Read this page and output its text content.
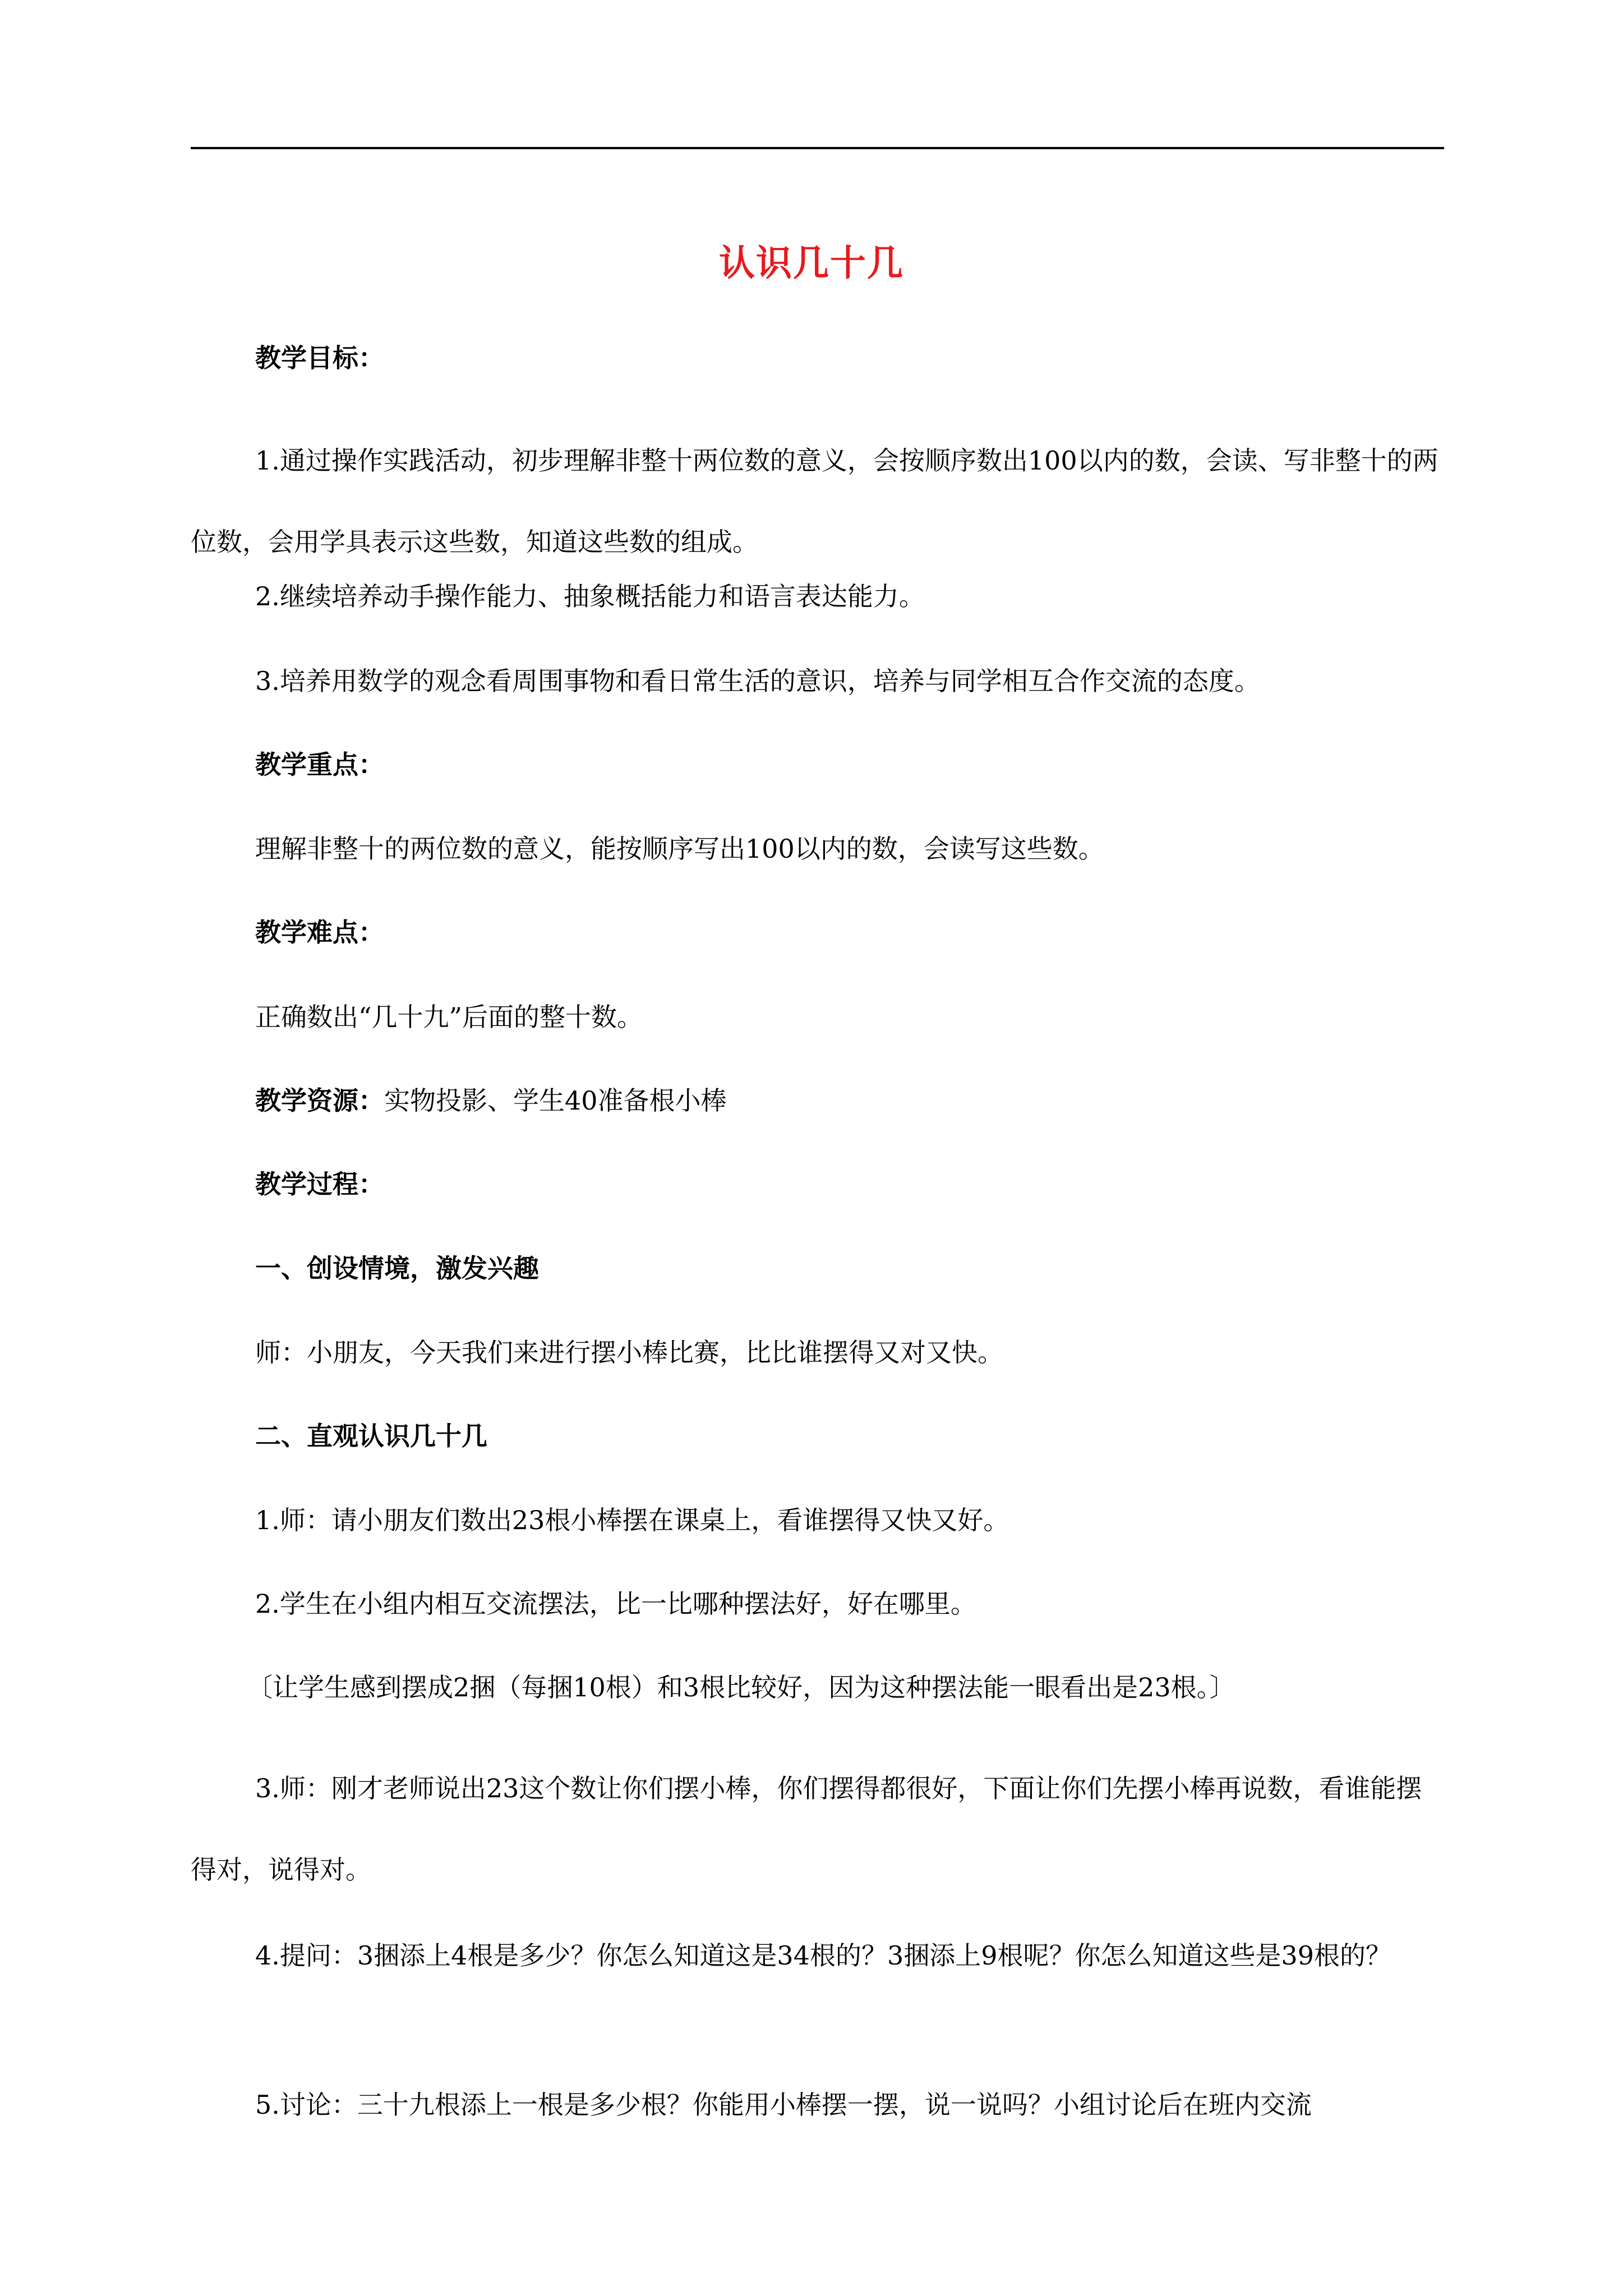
认识几十几
教学目标：
1.通过操作实践活动，初步理解非整十两位数的意义，会按顺序数出100以内的数，会读、写非整十的两位数，会用学具表示这些数，知道这些数的组成。
2.继续培养动手操作能力、抽象概括能力和语言表达能力。
3.培养用数学的观念看周围事物和看日常生活的意识，培养与同学相互合作交流的态度。
教学重点：
理解非整十的两位数的意义，能按顺序写出100以内的数，会读写这些数。
教学难点：
正确数出“几十九”后面的整十数。
教学资源：实物投影、学生40准备根小棒
教学过程：
一、创设情境，激发兴趣
师：小朋友，今天我们来进行摆小棒比赛，比比谁摆得又对又快。
二、直观认识几十几
1.师：请小朋友们数出23根小棒摆在课桌上，看谁摆得又快又好。
2.学生在小组内相互交流摆法，比一比哪种摆法好，好在哪里。
〔让学生感到摆成2捆（每捆10根）和3根比较好，因为这种摆法能一眼看出是23根。〕
3.师：刚才老师说出23这个数让你们摆小棒，你们摆得都很好，下面让你们先摆小棒再说数，看谁能摆得对，说得对。
4.提问：3捆添上4根是多少？你怎么知道这是34根的？3捆添上9根呢？你怎么知道这些是39根的？
5.讨论：三十九根添上一根是多少根？你能用小棒摆一摆，说一说吗？小组讨论后在班内交流
